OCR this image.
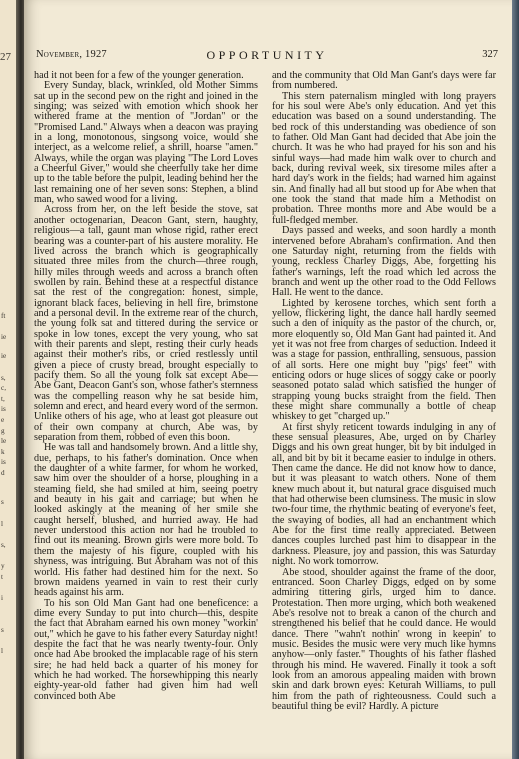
27
ft
ie
ie
s,
c,
t,
is
e
g
le
k
is
d
s
l
s,
y
t
i
s
l
November, 1927	OPPORTUNITY	327

had it not been for a few of the younger generation.

Every Sunday, black, wrinkled, old Mother Simms sat up in the second pew on the right and joined in the singing; was seized with emotion which shook her withered frame at the mention of "Jordan" or the "Promised Land." Always when a deacon was praying in a long, monotonous, singsong voice, would she interject, as a welcome relief, a shrill, hoarse "amen." Always, while the organ was playing "The Lord Loves a Cheerful Giver," would she cheerfully take her dime up to the table before the pulpit, leading behind her the last remaining one of her seven sons: Stephen, a blind man, who sawed wood for a living.

Across from her, on the left beside the stove, sat another octogenarian, Deacon Gant, stern, haughty, religious—a tall, gaunt man whose rigid, rather erect bearing was a counter-part of his austere morality. He lived across the branch which is geographically situated three miles from the church—three rough, hilly miles through weeds and across a branch often swollen by rain. Behind these at a respectful distance sat the rest of the congregation: honest, simple, ignorant black faces, believing in hell fire, brimstone and a personal devil. In the extreme rear of the church, the young folk sat and tittered during the service or spoke in low tones, except the very young, who sat with their parents and slept, resting their curly heads against their mother's ribs, or cried restlessly until given a piece of crusty bread, brought especially to pacify them. So all the young folk sat except Abe—Abe Gant, Deacon Gant's son, whose father's sternness was the compelling reason why he sat beside him, solemn and erect, and heard every word of the sermon. Unlike others of his age, who at least got pleasure out of their own company at church, Abe was, by separation from them, robbed of even this boon.

He was tall and handsomely brown. And a little shy, due, perhaps, to his father's domination. Once when the daughter of a white farmer, for whom he worked, saw him over the shoulder of a horse, ploughing in a steaming field, she had smiled at him, seeing poetry and beauty in his gait and carriage; but when he looked askingly at the meaning of her smile she caught herself, blushed, and hurried away. He had never understood this action nor had he troubled to find out its meaning. Brown girls were more bold. To them the majesty of his figure, coupled with his shyness, was intriguing. But Abraham was not of this world. His father had destined him for the next. So brown maidens yearned in vain to rest their curly heads against his arm.

To his son Old Man Gant had one beneficence: a dime every Sunday to put into church—this, despite the fact that Abraham earned his own money "workin' out," which he gave to his father every Saturday night! despite the fact that he was nearly twenty-four. Only once had Abe brooked the implacable rage of his stern sire; he had held back a quarter of his money for which he had worked. The horsewhipping this nearly eighty-year-old father had given him had well convinced both Abe

and the community that Old Man Gant's days were far from numbered.

This stern paternalism mingled with long prayers for his soul were Abe's only education. And yet this education was based on a sound understanding. The bed rock of this understanding was obedience of son to father. Old Man Gant had decided that Abe join the church. It was he who had prayed for his son and his sinful ways—had made him walk over to church and back, during revival week, six tiresome miles after a hard day's work in the fields; had warned him against sin. And finally had all but stood up for Abe when that one took the stand that made him a Methodist on probation. Three months more and Abe would be a full-fledged member.

Days passed and weeks, and soon hardly a month intervened before Abraham's confirmation. And then one Saturday night, returning from the fields with young, reckless Charley Diggs, Abe, forgetting his father's warnings, left the road which led across the branch and went up the other road to the Odd Fellows Hall. He went to the dance.

Lighted by kerosene torches, which sent forth a yellow, flickering light, the dance hall hardly seemed such a den of iniquity as the pastor of the church, or, more eloquently so, Old Man Gant had painted it. And yet it was not free from charges of seduction. Indeed it was a stage for passion, enthralling, sensuous, passion of all sorts. Here one might buy "pigs' feet" with enticing odors or huge slices of soggy cake or poorly seasoned potato salad which satisfied the hunger of strapping young bucks straight from the field. Then these might share communally a bottle of cheap whiskey to get "charged up."

At first shyly reticent towards indulging in any of these sensual pleasures, Abe, urged on by Charley Diggs and his own great hunger, bit by bit indulged in all, and bit by bit it became easier to indulge in others. Then came the dance. He did not know how to dance, but it was pleasant to watch others. None of them knew much about it, but natural grace disguised much that had otherwise been clumsiness. The music in slow two-four time, the rhythmic beating of everyone's feet, the swaying of bodies, all had an enchantment which Abe for the first time really appreciated. Between dances couples lurched past him to disappear in the darkness. Pleasure, joy and passion, this was Saturday night. No work tomorrow.

Abe stood, shoulder against the frame of the door, entranced. Soon Charley Diggs, edged on by some admiring tittering girls, urged him to dance. Protestation. Then more urging, which both weakened Abe's resolve not to break a canon of the church and strengthened his belief that he could dance. He would dance. There "wahn't nothin' wrong in keepin' to music. Besides the music were very much like hymns anyhow—only faster." Thoughts of his father flashed through his mind. He wavered. Finally it took a soft look from an amorous appealing maiden with brown skin and dark brown eyes: Keturah Williams, to pull him from the path of righteousness. Could such a beautiful thing be evil? Hardly. A picture
